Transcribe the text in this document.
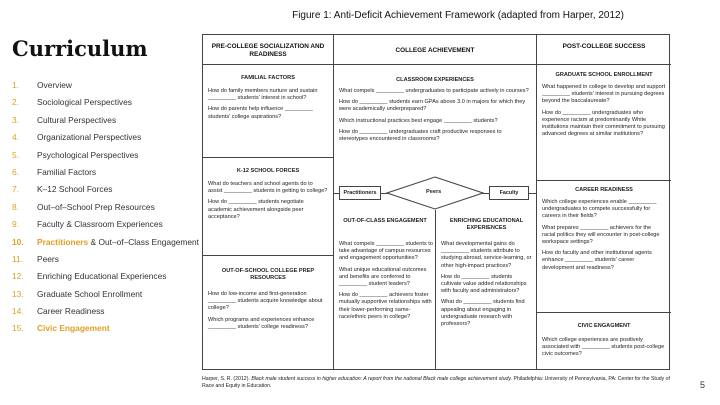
Curriculum
1.	Overview
2.	Sociological Perspectives
3.	Cultural Perspectives
4.	Organizational Perspectives
5.	Psychological Perspectives
6.	Familial Factors
7.	K–12 School Forces
8.	Out–of–School Prep Resources
9.	Faculty & Classroom Experiences
10.	Practitioners & Out–of–Class Engagement
11.	Peers
12.	Enriching Educational Experiences
13.	Graduate School Enrollment
14.	Career Readiness
15.	Civic Engagement
Figure 1: Anti-Deficit Achievement Framework (adapted from Harper, 2012)
PRE-COLLEGE SOCIALIZATION AND READINESS
COLLEGE ACHIEVEMENT
POST-COLLEGE SUCCESS
FAMILIAL FACTORS

How do family members nurture and sustain _________ students' interest in school?

How do parents help influence _________ students' college aspirations?

K-12 SCHOOL FORCES

What do teachers and school agents do to assist _________ students in getting to college?

How do _________ students negotiate academic achievement alongside peer acceptance?

OUT-OF-SCHOOL COLLEGE PREP RESOURCES

How do low-income and first-generation _________ students acquire knowledge about college?

Which programs and experiences enhance _________ students' college readiness?

CLASSROOM EXPERIENCES

What compels _________ undergraduates to participate actively in courses?

How do _________ students earn GPAs above 3.0 in majors for which they were academically underprepared?

Which instructional practices best engage _________ students?

How do _________ undergraduates craft productive responses to stereotypes encountered in classrooms?

Practitioners	Faculty
Peers
OUT-OF-CLASS ENGAGEMENT

What compels _________ students to take advantage of campus resources and engagement opportunities?

What unique educational outcomes and benefits are conferred to _________ student leaders?

How do _________ achievers foster mutually supportive relationships with their lower-performing same-race/ethnic peers in college?

ENRICHING EDUCATIONAL EXPERIENCES

What developmental gains do _________ students attribute to studying abroad, service-learning, or other high-impact practices?

How do _________ students cultivate value added relationships with faculty and administrators?

What do _________ students find appealing about engaging in undergraduate research with professors?

GRADUATE SCHOOL ENROLLMENT

What happened in college to develop and support _________ students' interest in pursuing degrees beyond the baccalaureate?

How do _________ undergraduates who experience racism at predominantly White institutions maintain their commitment to pursuing advanced degrees at similar institutions?

CAREER READINESS

Which college experiences enable _________ undergraduates to compete successfully for careers in their fields?

What prepares _________ achievers for the racial politics they will encounter in post-college workspace settings?

How do faculty and other institutional agents enhance _________ students' career development and readiness?

CIVIC ENGAGMENT

Which college experiences are positively associated with _________ students post-college civic outcomes?

Harper, S. R. (2012). Black male student success in higher education: A report from the national Black male college achievement study. Philadelphia: University of Pennsylvania, PA: Center for the Study of Race and Equity in Education.	5
